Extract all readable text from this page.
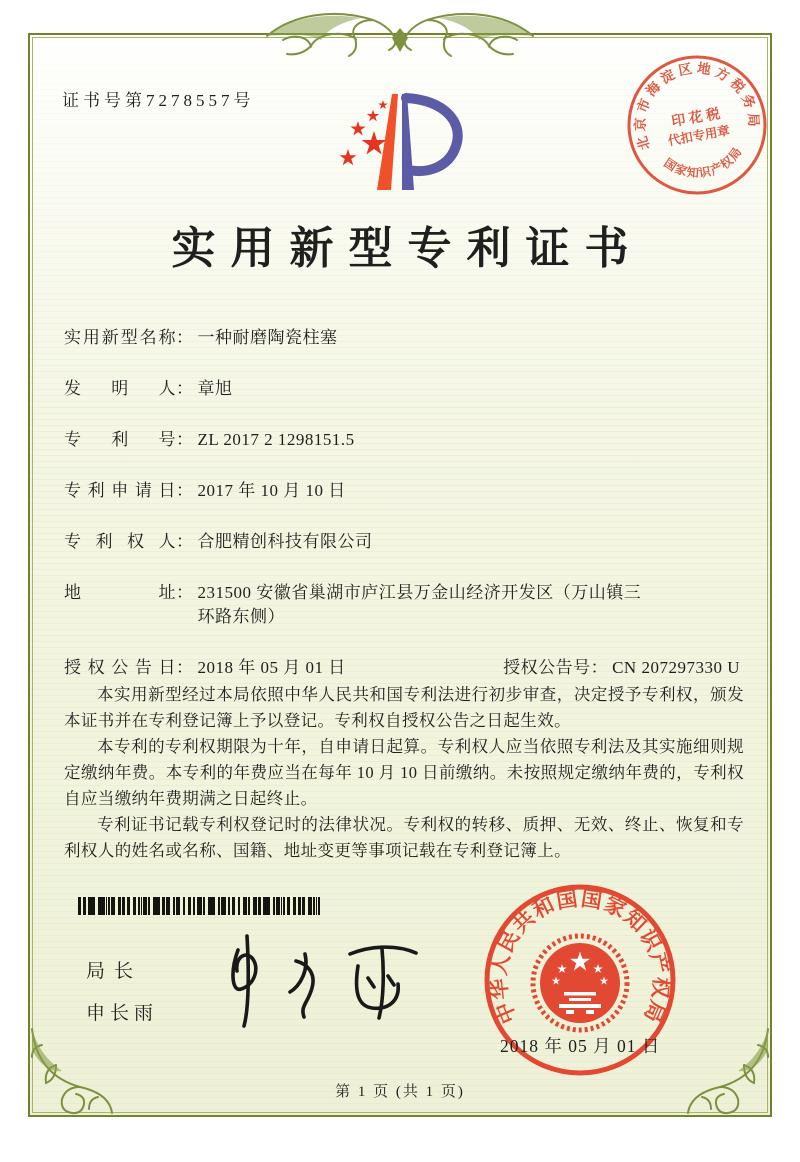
证书号第7278557号
北京市海淀区地方税务局
国家知识产权局
印 花 税
代扣专用章
实用新型专利证书
实用新型名称 ： 一种耐磨陶瓷柱塞
发明人 ： 章旭
专利号 ： ZL 2017 2 1298151.5
专利申请日 ： 2017 年 10 月 10 日
专利权人 ： 合肥精创科技有限公司
地址 ： 231500 安徽省巢湖市庐江县万金山经济开发区（万山镇三环路东侧）
授权公告日 ： 2018 年 05 月 01 日	授权公告号 ： CN 207297330 U

本实用新型经过本局依照中华人民共和国专利法进行初步审查，决定授予专利权，颁发本证书并在专利登记簿上予以登记。专利权自授权公告之日起生效。

本专利的专利权期限为十年，自申请日起算。专利权人应当依照专利法及其实施细则规定缴纳年费。本专利的年费应当在每年 10 月 10 日前缴纳。未按照规定缴纳年费的，专利权自应当缴纳年费期满之日起终止。

专利证书记载专利权登记时的法律状况。专利权的转移、质押、无效、终止、恢复和专利权人的姓名或名称、国籍、地址变更等事项记载在专利登记簿上。

局长
申长雨	中华人民共和国国家知识产权局
2018 年 05 月 01 日
第 1 页 (共 1 页)
